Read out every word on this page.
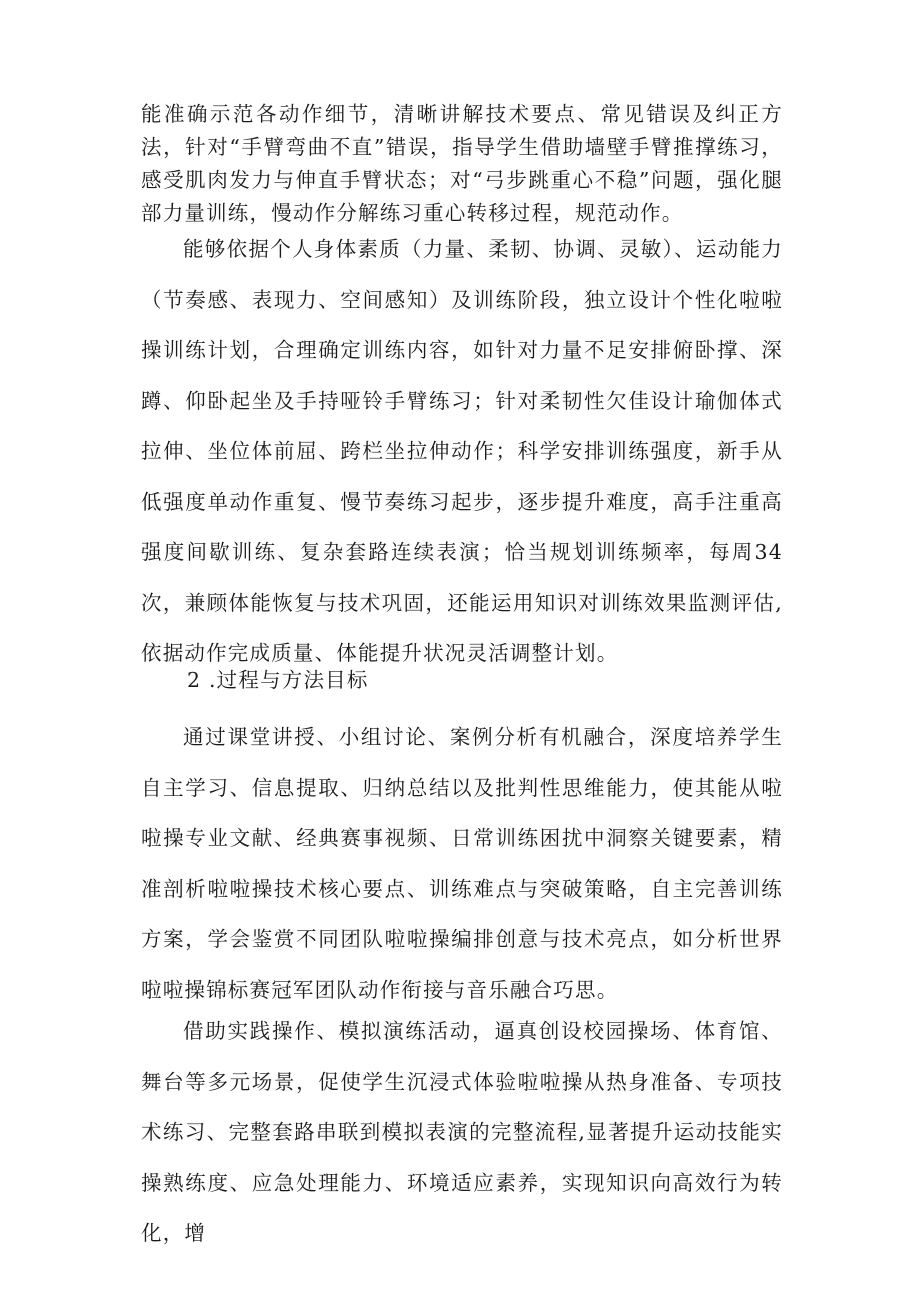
能准确示范各动作细节，清晰讲解技术要点、常见错误及纠正方法，针对“手臂弯曲不直”错误，指导学生借助墙壁手臂推撑练习，感受肌肉发力与伸直手臂状态；对“弓步跳重心不稳”问题，强化腿部力量训练，慢动作分解练习重心转移过程，规范动作。

能够依据个人身体素质（力量、柔韧、协调、灵敏）、运动能力（节奏感、表现力、空间感知）及训练阶段，独立设计个性化啦啦操训练计划，合理确定训练内容，如针对力量不足安排俯卧撑、深蹲、仰卧起坐及手持哑铃手臂练习；针对柔韧性欠佳设计瑜伽体式拉伸、坐位体前屈、跨栏坐拉伸动作；科学安排训练强度，新手从低强度单动作重复、慢节奏练习起步，逐步提升难度，高手注重高强度间歇训练、复杂套路连续表演；恰当规划训练频率，每周34次，兼顾体能恢复与技术巩固，还能运用知识对训练效果监测评估,依据动作完成质量、体能提升状况灵活调整计划。

2 .过程与方法目标

通过课堂讲授、小组讨论、案例分析有机融合，深度培养学生自主学习、信息提取、归纳总结以及批判性思维能力，使其能从啦啦操专业文献、经典赛事视频、日常训练困扰中洞察关键要素，精准剖析啦啦操技术核心要点、训练难点与突破策略，自主完善训练方案，学会鉴赏不同团队啦啦操编排创意与技术亮点，如分析世界啦啦操锦标赛冠军团队动作衔接与音乐融合巧思。

借助实践操作、模拟演练活动，逼真创设校园操场、体育馆、舞台等多元场景，促使学生沉浸式体验啦啦操从热身准备、专项技术练习、完整套路串联到模拟表演的完整流程,显著提升运动技能实操熟练度、应急处理能力、环境适应素养，实现知识向高效行为转化，增
